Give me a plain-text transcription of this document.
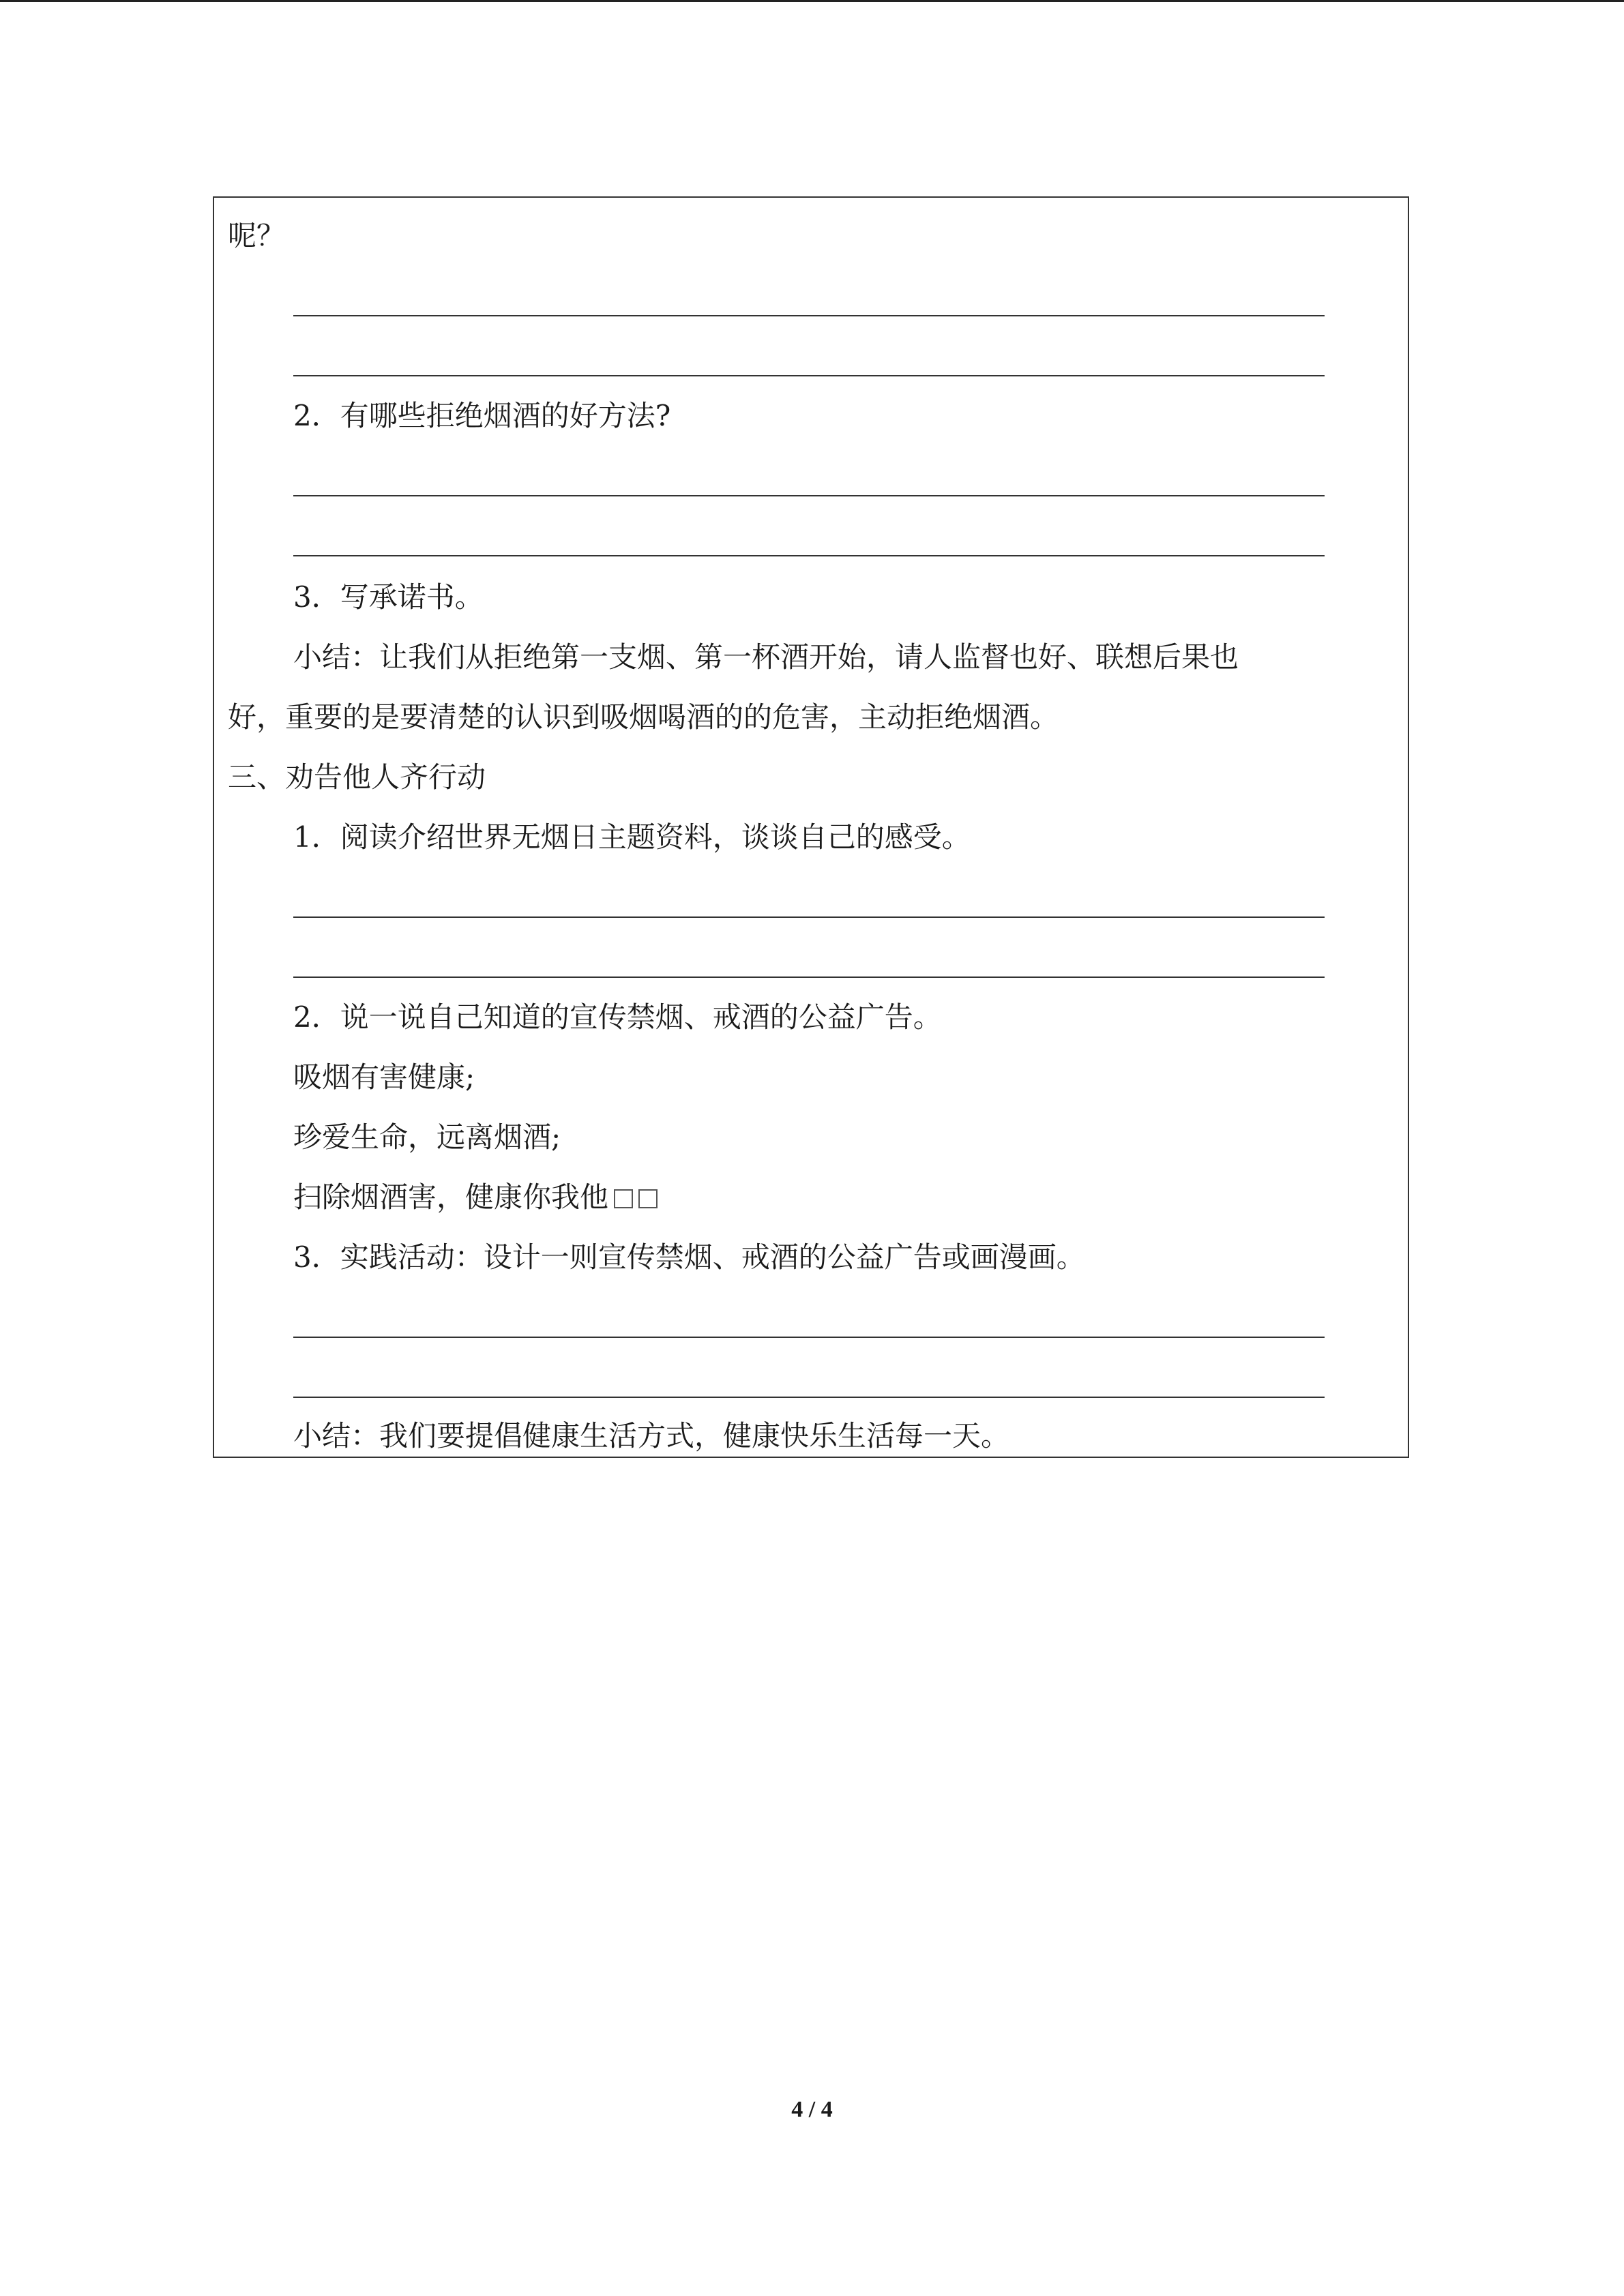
呢？
2．有哪些拒绝烟酒的好方法?
3．写承诺书。
小结：让我们从拒绝第一支烟、第一杯酒开始，请人监督也好、联想后果也
好，重要的是要清楚的认识到吸烟喝酒的的危害，主动拒绝烟酒。
三、劝告他人齐行动
1．阅读介绍世界无烟日主题资料，谈谈自己的感受。
2．说一说自己知道的宣传禁烟、戒酒的公益广告。
吸烟有害健康;
珍爱生命，远离烟酒;
扫除烟酒害，健康你我他
3．实践活动：设计一则宣传禁烟、戒酒的公益广告或画漫画。
小结：我们要提倡健康生活方式，健康快乐生活每一天。
4 / 4
